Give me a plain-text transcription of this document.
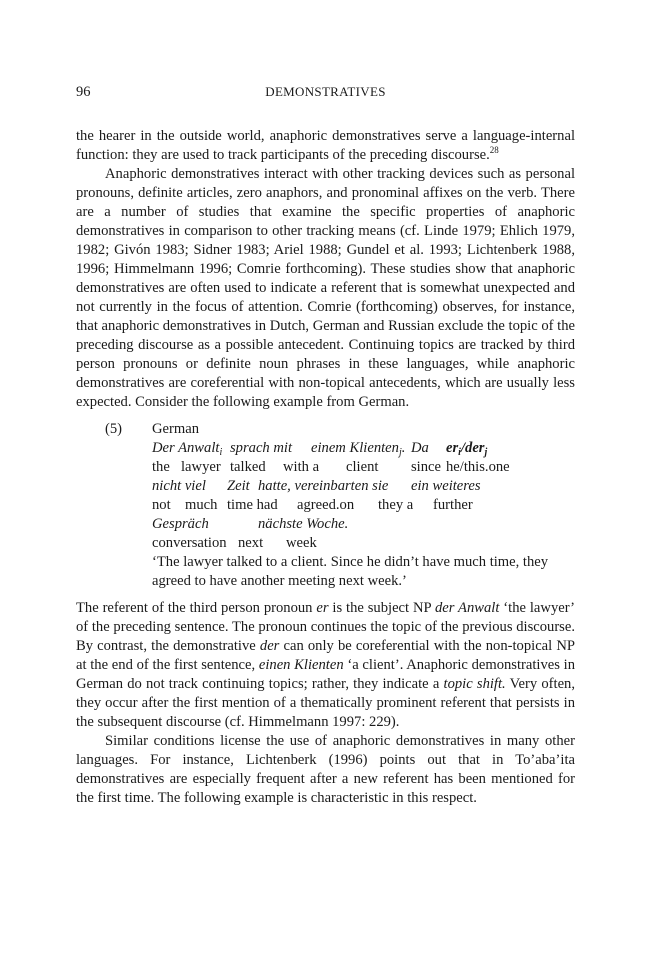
96	DEMONSTRATIVES

the hearer in the outside world, anaphoric demonstratives serve a language-internal function: they are used to track participants of the preceding discourse.$^{28}$

Anaphoric demonstratives interact with other tracking devices such as personal pronouns, definite articles, zero anaphors, and pronominal affixes on the verb. There are a number of studies that examine the specific properties of anaphoric demonstratives in comparison to other tracking means (cf. Linde 1979; Ehlich 1979, 1982; Givón 1983; Sidner 1983; Ariel 1988; Gundel et al. 1993; Lichtenberk 1988, 1996; Himmelmann 1996; Comrie forthcoming). These studies show that anaphoric demonstratives are often used to indicate a referent that is somewhat unexpected and not currently in the focus of attention. Comrie (forthcoming) observes, for instance, that anaphoric demonstratives in Dutch, German and Russian exclude the topic of the preceding discourse as a possible antecedent. Continuing topics are tracked by third person pronouns or definite noun phrases in these languages, while anaphoric demonstratives are coreferential with non-topical antecedents, which are usually less expected. Consider the following example from German.

(5) German
Der Anwalt$_i$ sprach mit einem Klienten$_j$. Da $er_i/der_j$
the lawyer talked with a client since he/this.one
nicht viel Zeit hatte, vereinbarten sie ein weiteres
not much time had agreed.on they a further
Gespräch	nächste Woche.
conversation next week

‘The lawyer talked to a client. Since he didn’t have much time, they agreed to have another meeting next week.’

The referent of the third person pronoun er is the subject NP der Anwalt ‘the lawyer’ of the preceding sentence. The pronoun continues the topic of the previous discourse. By contrast, the demonstrative der can only be coreferential with the non-topical NP at the end of the first sentence, einen Klienten ‘a client’. Anaphoric demonstratives in German do not track continuing topics; rather, they indicate a topic shift. Very often, they occur after the first mention of a thematically prominent referent that persists in the subsequent discourse (cf. Himmelmann 1997: 229).

Similar conditions license the use of anaphoric demonstratives in many other languages. For instance, Lichtenberk (1996) points out that in To’aba’ita demonstratives are especially frequent after a new referent has been mentioned for the first time. The following example is characteristic in this respect.
